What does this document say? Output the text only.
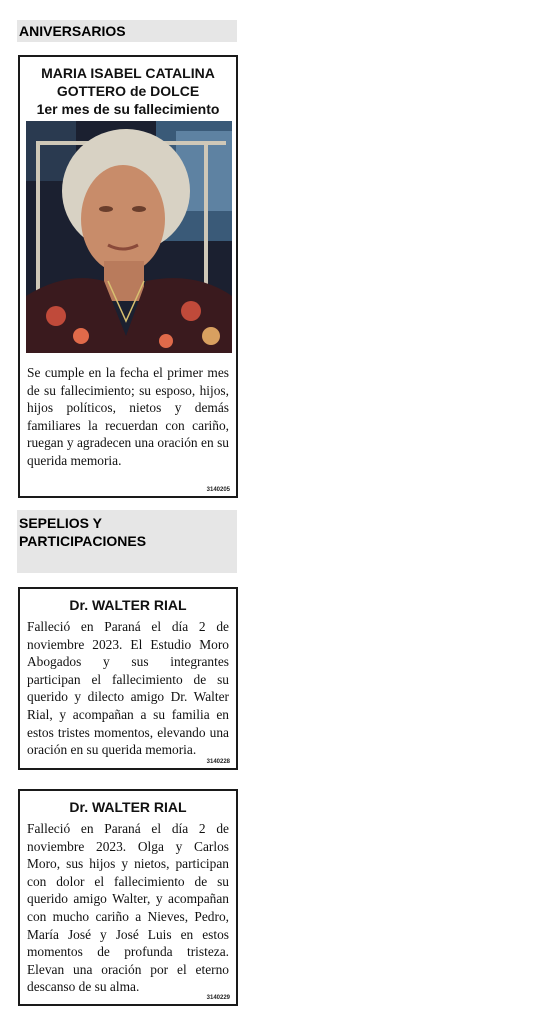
ANIVERSARIOS
MARIA ISABEL CATALINA
GOTTERO de DOLCE
1er mes de su fallecimiento
Se cumple en la fecha el primer mes de su fallecimiento; su esposo, hijos, hijos políticos, nietos y demás familiares la recuerdan con cariño, ruegan y agradecen una oración en su querida memoria.
3140205
SEPELIOS Y
PARTICIPACIONES
Dr. WALTER RIAL
Falleció en Paraná el día 2 de noviembre 2023. El Estudio Moro Abogados y sus integrantes participan el fallecimiento de su querido y dilecto amigo Dr. Walter Rial, y acompañan a su familia en estos tristes momentos, elevando una oración en su querida memoria.
3140228
Dr. WALTER RIAL
Falleció en Paraná el día 2 de noviembre 2023. Olga y Carlos Moro, sus hijos y nietos, participan con dolor el fallecimiento de su querido amigo Walter, y acompañan con mucho cariño a Nieves, Pedro, María José y José Luis en estos momentos de profunda tristeza. Elevan una oración por el eterno descanso de su alma.
3140229
